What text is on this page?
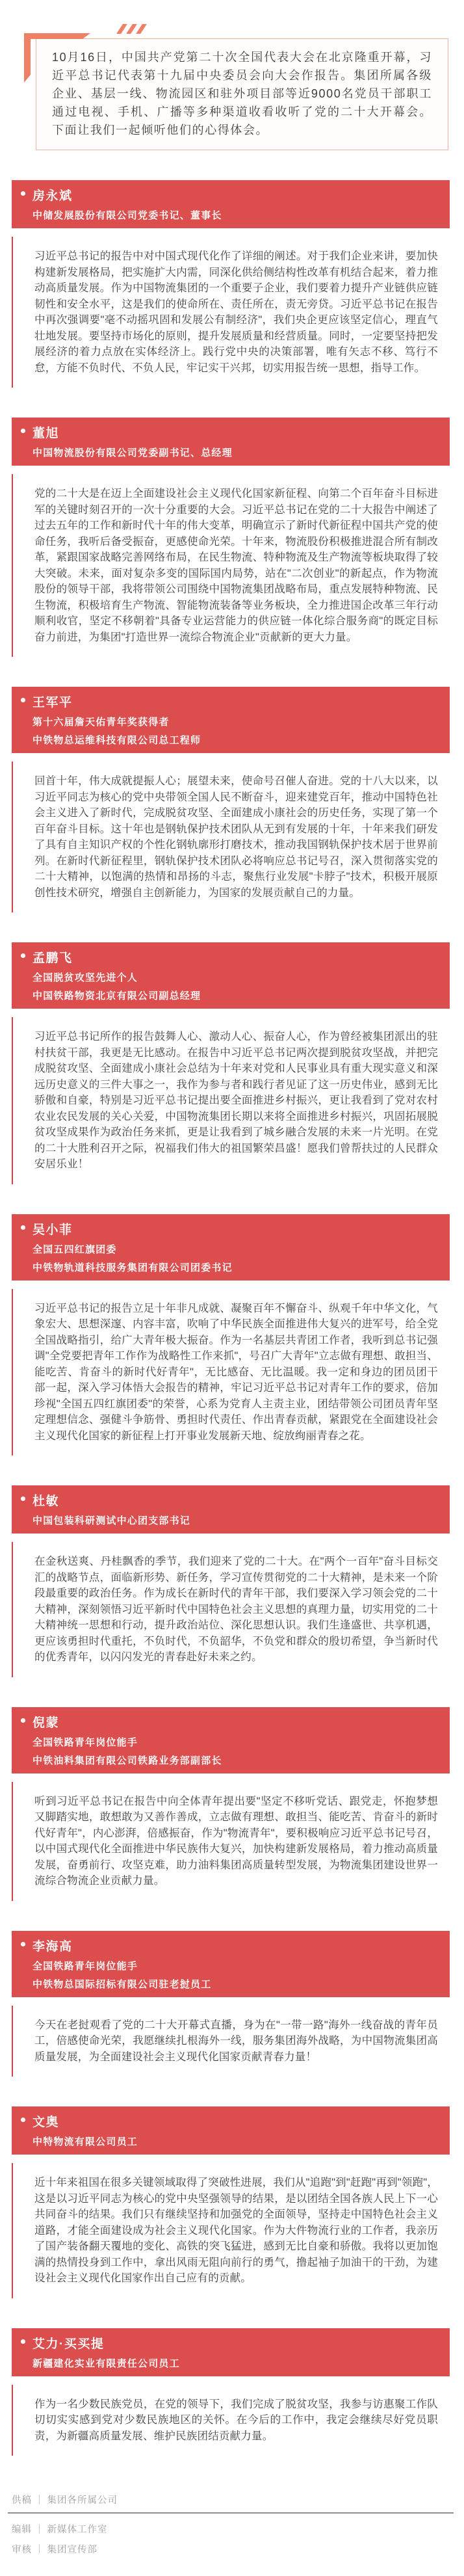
10月16日，中国共产党第二十次全国代表大会在北京隆重开幕，习近平总书记代表第十九届中央委员会向大会作报告。集团所属各级企业、基层一线、物流园区和驻外项目部等近9000名党员干部职工通过电视、手机、广播等多种渠道收看收听了党的二十大开幕会。下面让我们一起倾听他们的心得体会。
房永斌
中储发展股份有限公司党委书记、董事长
习近平总书记的报告中对中国式现代化作了详细的阐述。对于我们企业来讲，要加快构建新发展格局，把实施扩大内需，同深化供给侧结构性改革有机结合起来，着力推动高质量发展。作为中国物流集团的一个重要子企业，我们要着力提升产业链供应链韧性和安全水平，这是我们的使命所在、责任所在，责无旁贷。习近平总书记在报告中再次强调要"毫不动摇巩固和发展公有制经济"，我们央企更应该坚定信心，理直气壮地发展。要坚持市场化的原则，提升发展质量和经营质量。同时，一定要坚持把发展经济的着力点放在实体经济上。践行党中央的决策部署，唯有矢志不移、笃行不怠，方能不负时代、不负人民，牢记实干兴邦，切实用报告统一思想，指导工作。
董旭
中国物流股份有限公司党委副书记、总经理
党的二十大是在迈上全面建设社会主义现代化国家新征程、向第二个百年奋斗目标进军的关键时刻召开的一次十分重要的大会。习近平总书记在党的二十大报告中阐述了过去五年的工作和新时代十年的伟大变革，明确宣示了新时代新征程中国共产党的使命任务，我听后备受振奋，更感使命光荣。十年来，物流股份积极推进混合所有制改革，紧跟国家战略完善网络布局，在民生物流、特种物流及生产物流等板块取得了较大突破。未来，面对复杂多变的国际国内局势，站在"二次创业"的新起点，作为物流股份的领导干部，我将带领公司围绕中国物流集团战略布局，重点发展特种物流、民生物流，积极培育生产物流、智能物流装备等业务板块，全力推进国企改革三年行动顺利收官，坚定不移朝着"具备专业运营能力的供应链一体化综合服务商"的既定目标奋力前进，为集团"打造世界一流综合物流企业"贡献新的更大力量。
王军平
第十六届詹天佑青年奖获得者
中铁物总运维科技有限公司总工程师
回首十年，伟大成就提振人心；展望未来，使命号召催人奋进。党的十八大以来，以习近平同志为核心的党中央带领全国人民不断奋斗，迎来建党百年，推动中国特色社会主义进入了新时代，完成脱贫攻坚、全面建成小康社会的历史任务，实现了第一个百年奋斗目标。这十年也是钢轨保护技术团队从无到有发展的十年，十年来我们研发了具有自主知识产权的个性化钢轨廓形打磨技术，推动我国钢轨保护技术居于世界前列。在新时代新征程里，钢轨保护技术团队必将响应总书记号召，深入贯彻落实党的二十大精神，以饱满的热情和昂扬的斗志，聚焦行业发展"卡脖子"技术，积极开展原创性技术研究，增强自主创新能力，为国家的发展贡献自己的力量。
孟鹏飞
全国脱贫攻坚先进个人
中国铁路物资北京有限公司副总经理
习近平总书记所作的报告鼓舞人心、激动人心、振奋人心，作为曾经被集团派出的驻村扶贫干部，我更是无比感动。在报告中习近平总书记两次提到脱贫攻坚战，并把完成脱贫攻坚、全面建成小康社会总结为十年来对党和人民事业具有重大现实意义和深远历史意义的三件大事之一，我作为参与者和践行者见证了这一历史伟业，感到无比骄傲和自豪，特别是习近平总书记提出要全面推进乡村振兴，更让我看到了党对农村农业农民发展的关心关爱，中国物流集团长期以来将全面推进乡村振兴，巩固拓展脱贫攻坚成果作为政治任务来抓，更是让我看到了城乡融合发展的未来一片光明。在党的二十大胜利召开之际，祝福我们伟大的祖国繁荣昌盛！愿我们曾帮扶过的人民群众安居乐业！
吴小菲
全国五四红旗团委
中铁物轨道科技服务集团有限公司团委书记
习近平总书记的报告立足十年非凡成就、凝聚百年不懈奋斗、纵观千年中华文化，气象宏大、思想深邃、内容丰富，吹响了中华民族全面推进伟大复兴的进军号，给全党全国战略指引，给广大青年极大振奋。作为一名基层共青团工作者，我听到总书记强调"全党要把青年工作作为战略性工作来抓"，号召广大青年"立志做有理想、敢担当、能吃苦、肯奋斗的新时代好青年"，无比感奋、无比温暖。我一定和身边的团员团干部一起，深入学习体悟大会报告的精神，牢记习近平总书记对青年工作的要求，倍加珍视"全国五四红旗团委"的荣誉，心系为党育人主责主业，团结带领公司团员青年坚定理想信念、强健斗争筋骨、勇担时代责任、作出青春贡献，紧跟党在全面建设社会主义现代化国家的新征程上打开事业发展新天地、绽放绚丽青春之花。
杜敏
中国包装科研测试中心团支部书记
在金秋送爽、丹桂飘香的季节，我们迎来了党的二十大。在"两个一百年"奋斗目标交汇的战略节点，面临新形势、新任务，学习宣传贯彻党的二十大精神，是未来一个阶段最重要的政治任务。作为成长在新时代的青年干部，我们要深入学习领会党的二十大精神，深刻领悟习近平新时代中国特色社会主义思想的真理力量，切实用党的二十大精神统一思想和行动，提升政治站位、深化思想认识。我们生逢盛世、共享机遇，更应该勇担时代重托，不负时代，不负韶华，不负党和群众的殷切希望，争当新时代的优秀青年，以闪闪发光的青春赴好未来之约。
倪蒙
全国铁路青年岗位能手
中铁油料集团有限公司铁路业务部副部长
听到习近平总书记在报告中向全体青年提出要"坚定不移听党话、跟党走，怀抱梦想又脚踏实地，敢想敢为又善作善成，立志做有理想、敢担当、能吃苦、肯奋斗的新时代好青年"，内心澎湃，倍感振奋，作为"物流青年"，要积极响应习近平总书记号召，以中国式现代化全面推进中华民族伟大复兴，加快构建新发展格局，着力推动高质量发展，奋勇前行、攻坚克难，助力油料集团高质量转型发展，为物流集团建设世界一流综合物流企业贡献力量。
李海高
全国铁路青年岗位能手
中铁物总国际招标有限公司驻老挝员工
今天在老挝观看了党的二十大开幕式直播，身为在"一带一路"海外一线奋战的青年员工，倍感使命光荣，我愿继续扎根海外一线，服务集团海外战略，为中国物流集团高质量发展，为全面建设社会主义现代化国家贡献青春力量！
文奥
中特物流有限公司员工
近十年来祖国在很多关键领域取得了突破性进展，我们从"追跑"到"赶跑"再到"领跑"，这是以习近平同志为核心的党中央坚强领导的结果，是以团结全国各族人民上下一心共同奋斗的结果。我们只有继续坚持和加强党的全面领导，坚持走中国特色社会主义道路，才能全面建设成为社会主义现代化国家。作为大件物流行业的工作者，我亲历了国产装备翻天覆地的变化、高铁的突飞猛进，感到无比自豪和骄傲。我将以更加饱满的热情投身到工作中，拿出风雨无阻向前行的勇气，撸起袖子加油干的干劲，为建设社会主义现代化国家作出自己应有的贡献。
艾力·买买提
新疆建化实业有限责任公司员工
作为一名少数民族党员，在党的领导下，我们完成了脱贫攻坚，我参与访惠聚工作队切切实实感到党对少数民族地区的关怀。在今后的工作中，我定会继续尽好党员职责，为新疆高质量发展、维护民族团结贡献力量。
供稿 ｜ 集团各所属公司
编辑 ｜ 新媒体工作室
审核 ｜ 集团宣传部
